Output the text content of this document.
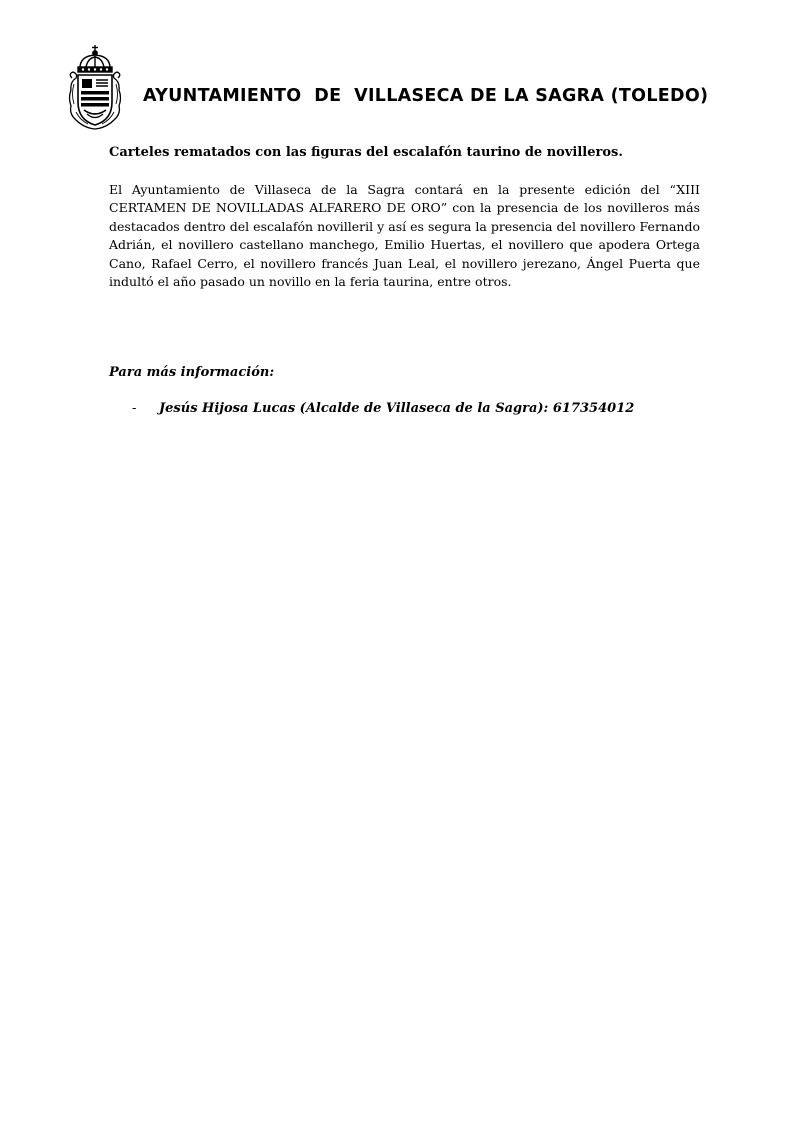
AYUNTAMIENTO  DE  VILLASECA DE LA SAGRA (TOLEDO)
Carteles rematados con las figuras del escalafón taurino de novilleros.

El Ayuntamiento de Villaseca de la Sagra contará en la presente edición del “XIII CERTAMEN DE NOVILLADAS ALFARERO DE ORO” con la presencia de los novilleros más destacados dentro del escalafón novilleril y así es segura la presencia del novillero Fernando Adrián, el novillero castellano manchego, Emilio Huertas, el novillero que apodera Ortega Cano, Rafael Cerro, el novillero francés Juan Leal, el novillero jerezano, Ángel Puerta que indultó el año pasado un novillo en la feria taurina, entre otros.

Para más información:
- Jesús Hijosa Lucas (Alcalde de Villaseca de la Sagra): 617354012
